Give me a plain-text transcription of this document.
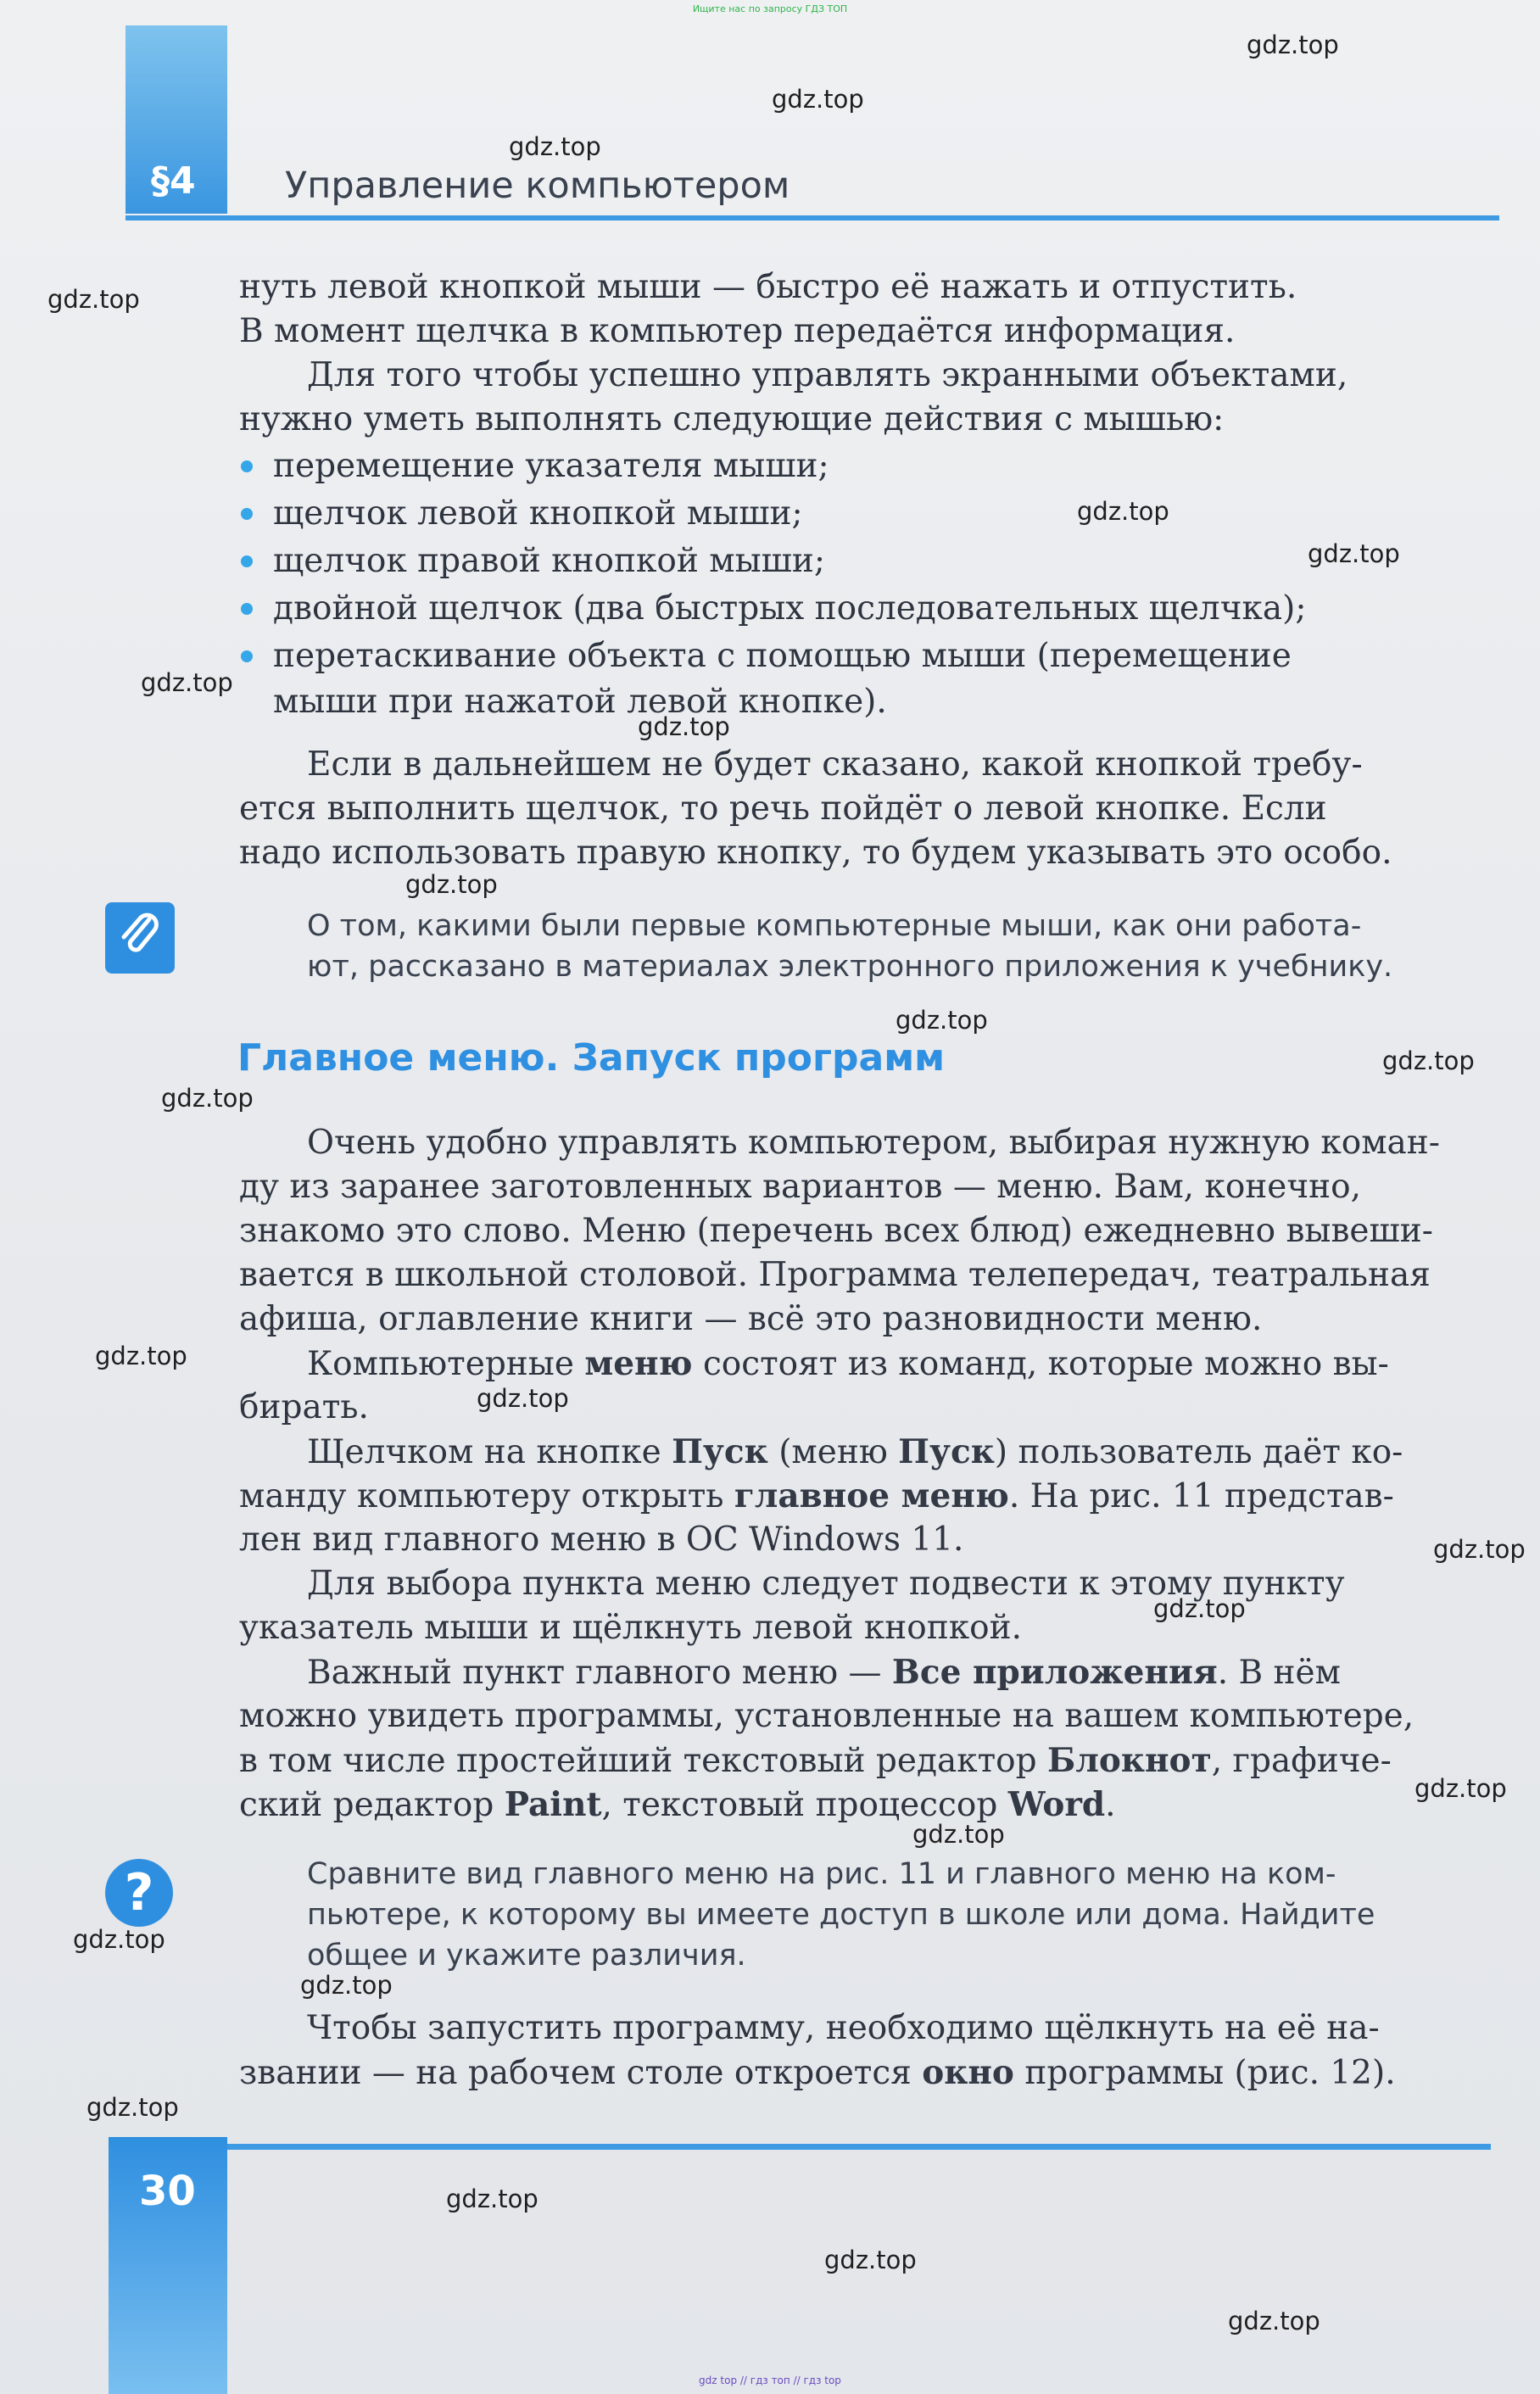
Ищите нас по запросу ГДЗ ТОП
§4 Управление компьютером
нуть левой кнопкой мыши — быстро её нажать и отпустить.
В момент щелчка в компьютер передаётся информация.
Для того чтобы успешно управлять экранными объектами,
нужно уметь выполнять следующие действия с мышью:
перемещение указателя мыши;
щелчок левой кнопкой мыши;
щелчок правой кнопкой мыши;
двойной щелчок (два быстрых последовательных щелчка);
перетаскивание объекта с помощью мыши (перемещение
мыши при нажатой левой кнопке).
Если в дальнейшем не будет сказано, какой кнопкой требу-
ется выполнить щелчок, то речь пойдёт о левой кнопке. Если
надо использовать правую кнопку, то будем указывать это особо.
О том, какими были первые компьютерные мыши, как они работа-
ют, рассказано в материалах электронного приложения к учебнику.
Главное меню. Запуск программ
Очень удобно управлять компьютером, выбирая нужную коман-
ду из заранее заготовленных вариантов — меню. Вам, конечно,
знакомо это слово. Меню (перечень всех блюд) ежедневно вывеши-
вается в школьной столовой. Программа телепередач, театральная
афиша, оглавление книги — всё это разновидности меню.
Компьютерные меню состоят из команд, которые можно вы-
бирать.
Щелчком на кнопке Пуск (меню Пуск) пользователь даёт ко-
манду компьютеру открыть главное меню. На рис. 11 представ-
лен вид главного меню в ОС Windows 11.
Для выбора пункта меню следует подвести к этому пункту
указатель мыши и щёлкнуть левой кнопкой.
Важный пункт главного меню — Все приложения. В нём
можно увидеть программы, установленные на вашем компьютере,
в том числе простейший текстовый редактор Блокнот, графиче-
ский редактор Paint, текстовый процессор Word.
?	Сравните вид главного меню на рис. 11 и главного меню на ком-
пьютере, к которому вы имеете доступ в школе или дома. Найдите
общее и укажите различия.
Чтобы запустить программу, необходимо щёлкнуть на её на-
звании — на рабочем столе откроется окно программы (рис. 12).
30
gdz.top
gdz.top
gdz.top
gdz.top
gdz.top
gdz.top
gdz.top
gdz.top
gdz.top
gdz.top
gdz.top
gdz.top
gdz.top
gdz.top
gdz.top
gdz.top
gdz.top
gdz.top
gdz.top
gdz.top
gdz.top
gdz.top
gdz.top
gdz.top
gdz top // гдз топ // гдз top
